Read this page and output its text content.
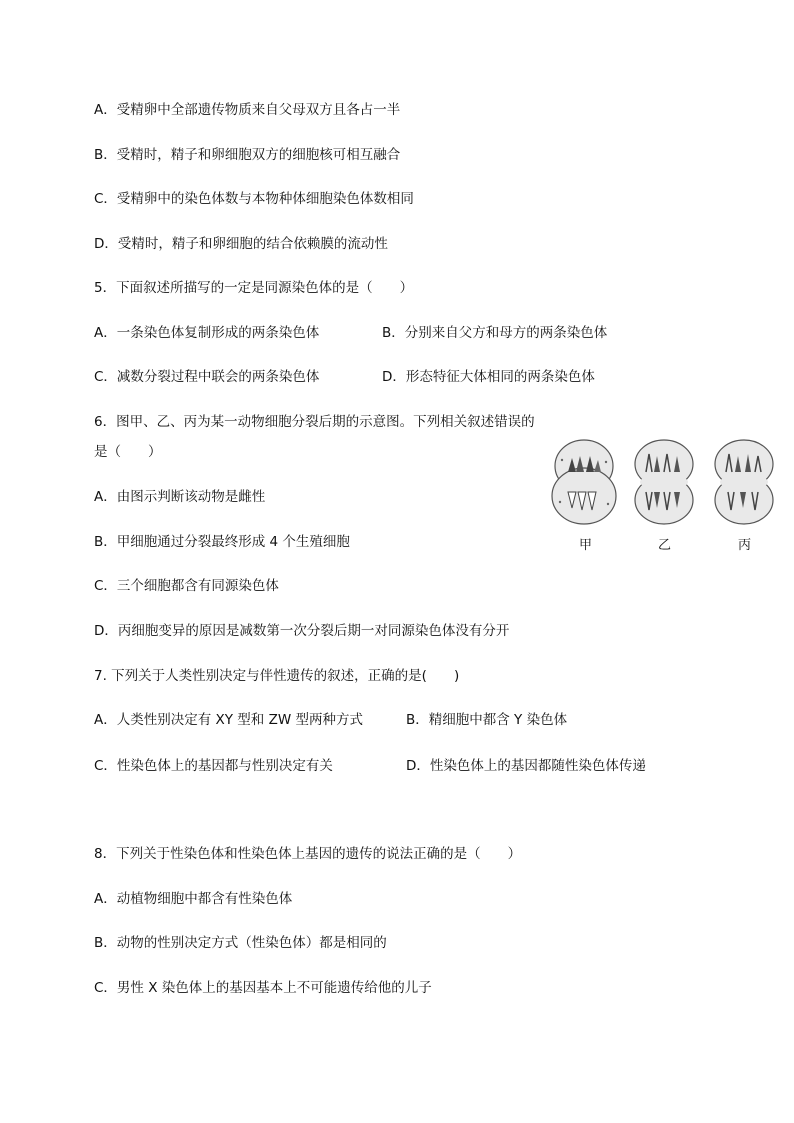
A．受精卵中全部遗传物质来自父母双方且各占一半
B．受精时，精子和卵细胞双方的细胞核可相互融合
C．受精卵中的染色体数与本物种体细胞染色体数相同
D．受精时，精子和卵细胞的结合依赖膜的流动性
5．下面叙述所描写的一定是同源染色体的是（　　）
A．一条染色体复制形成的两条染色体	B．分别来自父方和母方的两条染色体
C．减数分裂过程中联会的两条染色体	D．形态特征大体相同的两条染色体
6．图甲、乙、丙为某一动物细胞分裂后期的示意图。下列相关叙述错误的
是（　　）
A．由图示判断该动物是雌性
B．甲细胞通过分裂最终形成 4 个生殖细胞
C．三个细胞都含有同源染色体
D．丙细胞变异的原因是减数第一次分裂后期一对同源染色体没有分开
甲	乙	丙
7. 下列关于人类性别决定与伴性遗传的叙述，正确的是(　　)
A．人类性别决定有 XY 型和 ZW 型两种方式	B．精细胞中都含 Y 染色体
C．性染色体上的基因都与性别决定有关	D．性染色体上的基因都随性染色体传递
8．下列关于性染色体和性染色体上基因的遗传的说法正确的是（　　）
A．动植物细胞中都含有性染色体
B．动物的性别决定方式（性染色体）都是相同的
C．男性 X 染色体上的基因基本上不可能遗传给他的儿子
